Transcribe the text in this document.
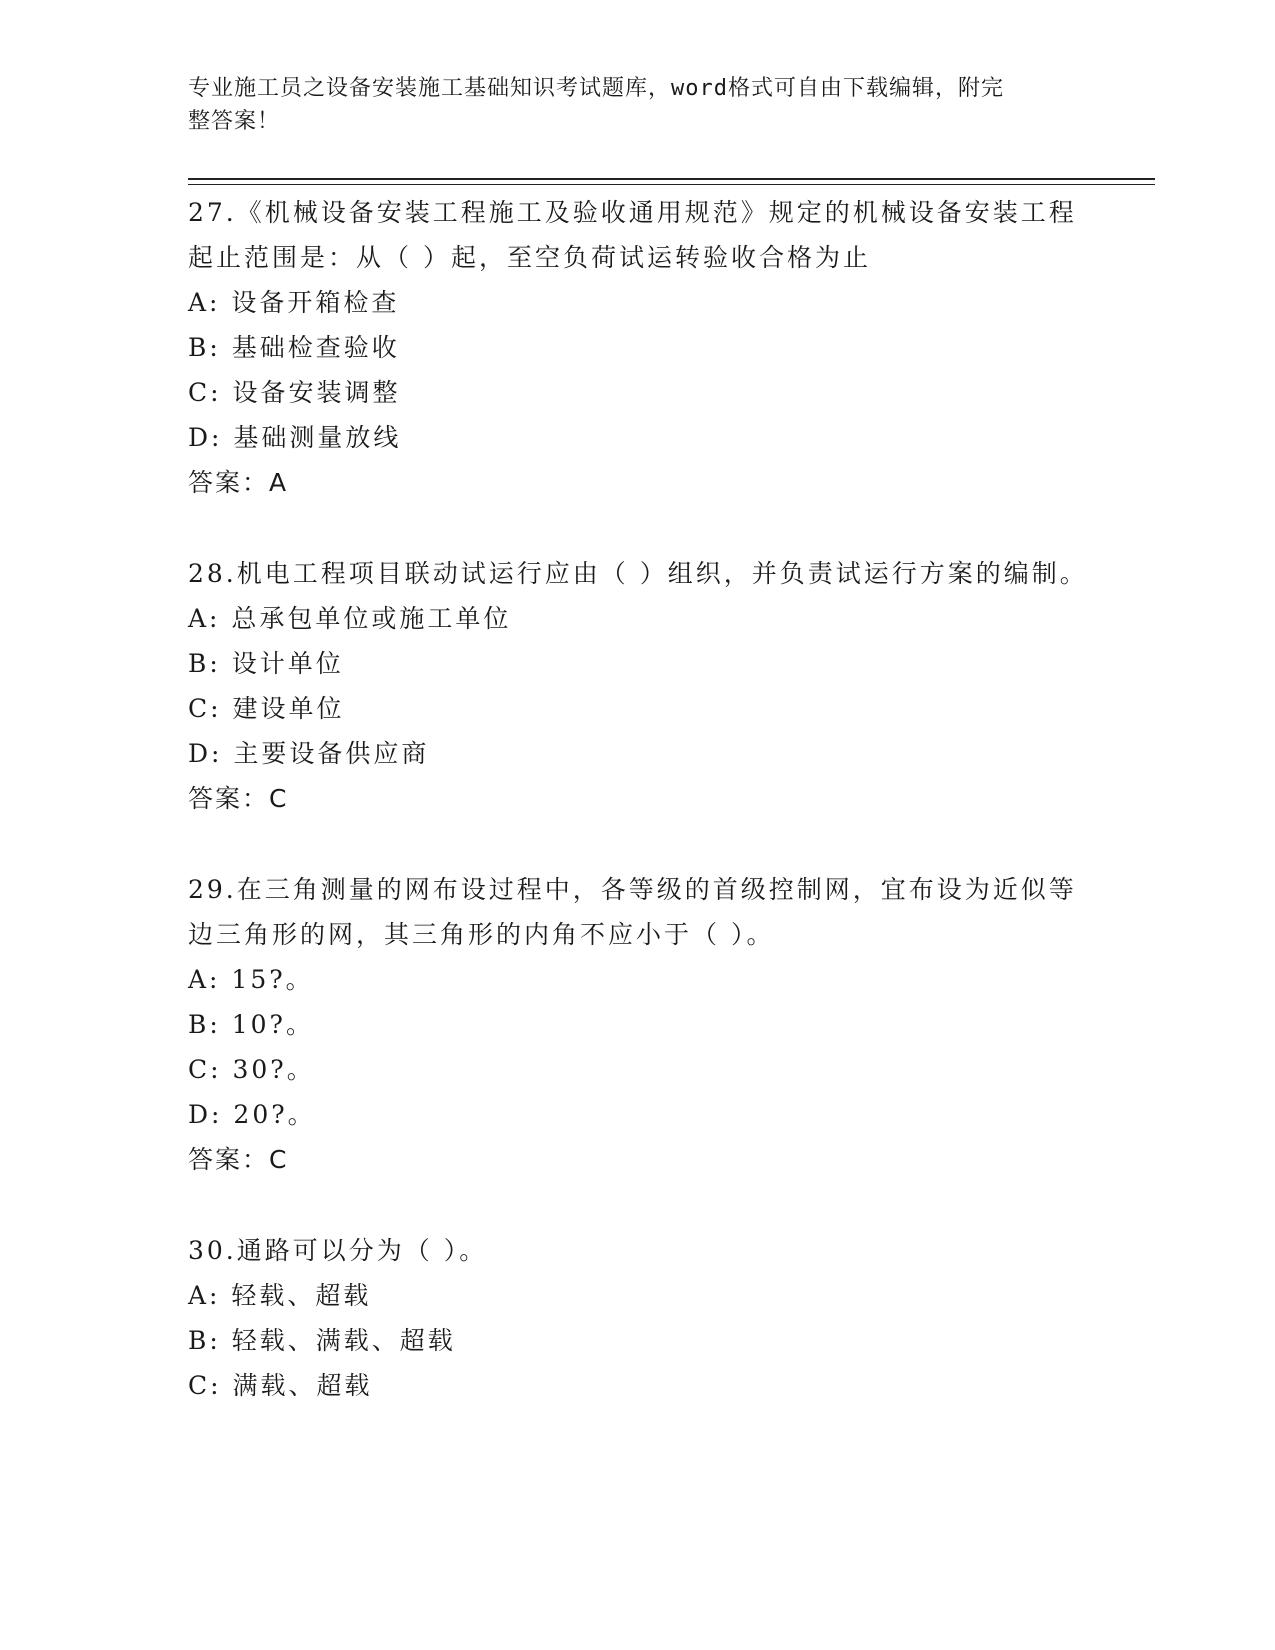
专业施工员之设备安装施工基础知识考试题库，word格式可自由下载编辑，附完
整答案！

27.《机械设备安装工程施工及验收通用规范》规定的机械设备安装工程起止范围是：从（ ）起，至空负荷试运转验收合格为止

A: 设备开箱检查

B: 基础检查验收

C: 设备安装调整

D: 基础测量放线

答案：A

28.机电工程项目联动试运行应由（ ）组织，并负责试运行方案的编制。

A: 总承包单位或施工单位

B: 设计单位

C: 建设单位

D: 主要设备供应商

答案：C

29.在三角测量的网布设过程中，各等级的首级控制网，宜布设为近似等边三角形的网，其三角形的内角不应小于（ ）。

A: 15?。

B: 10?。

C: 30?。

D: 20?。

答案：C

30.通路可以分为（ ）。

A: 轻载、超载

B: 轻载、满载、超载

C: 满载、超载
